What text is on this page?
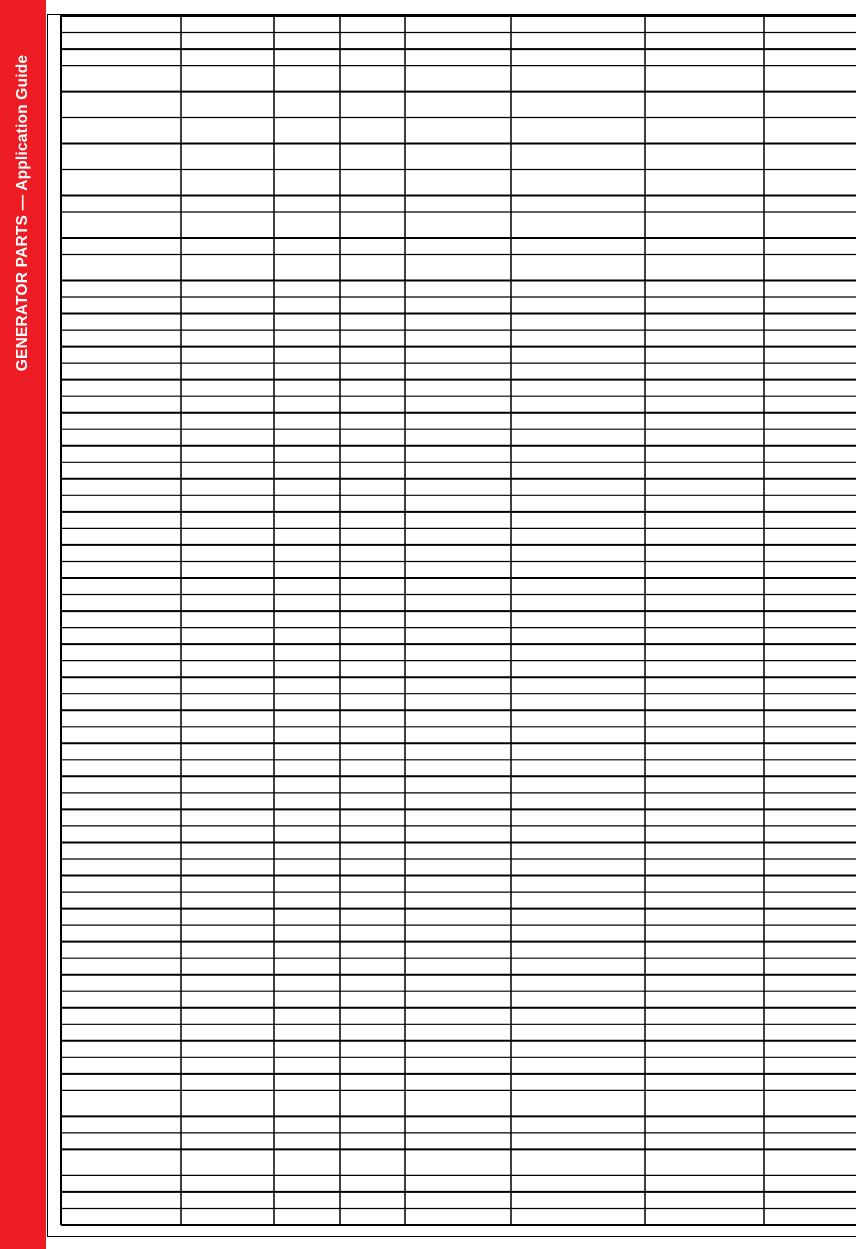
GENERATOR PARTS — Application Guide
